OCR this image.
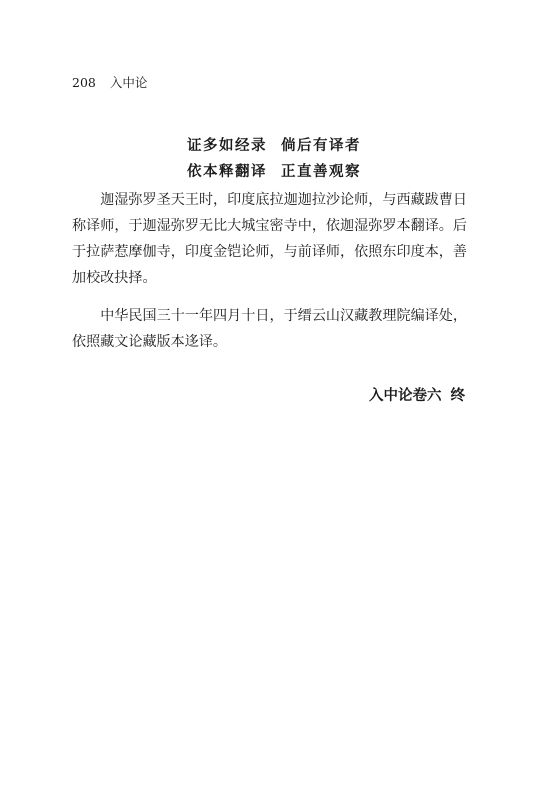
208 入中论
证多如经录 倘后有译者
依本释翻译 正直善观察

迦湿弥罗圣天王时，印度底拉迦迦拉沙论师，与西藏跋曹日称译师，于迦湿弥罗无比大城宝密寺中，依迦湿弥罗本翻译。后于拉萨惹摩伽寺，印度金铠论师，与前译师，依照东印度本，善加校改抉择。

中华民国三十一年四月十日，于缙云山汉藏教理院编译处，依照藏文论藏版本迻译。

入中论卷六 终
